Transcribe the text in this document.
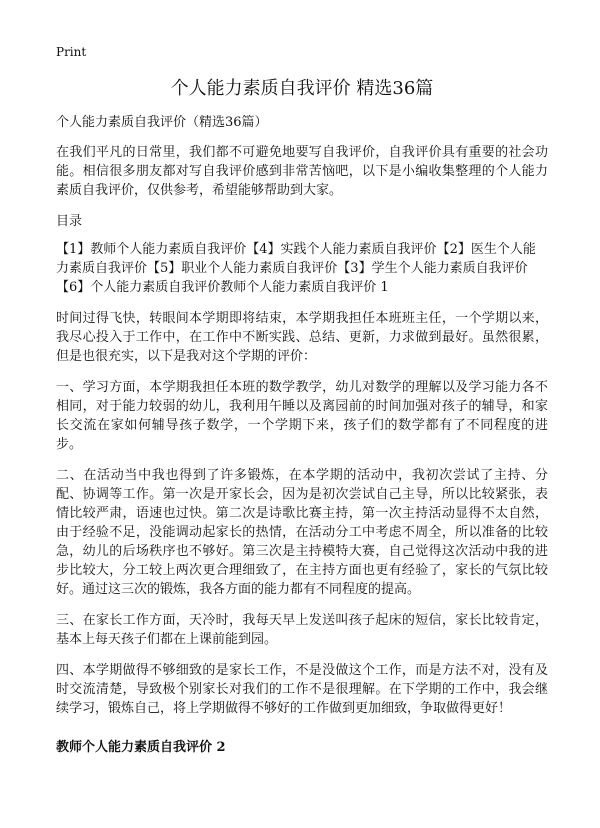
Print
个人能力素质自我评价 精选36篇
个人能力素质自我评价（精选36篇）

在我们平凡的日常里，我们都不可避免地要写自我评价，自我评价具有重要的社会功能。相信很多朋友都对写自我评价感到非常苦恼吧，以下是小编收集整理的个人能力素质自我评价，仅供参考，希望能够帮助到大家。

目录

【1】教师个人能力素质自我评价【4】实践个人能力素质自我评价【2】医生个人能力素质自我评价【5】职业个人能力素质自我评价【3】学生个人能力素质自我评价【6】个人能力素质自我评价教师个人能力素质自我评价 1

时间过得飞快，转眼间本学期即将结束，本学期我担任本班班主任，一个学期以来，我尽心投入于工作中，在工作中不断实践、总结、更新，力求做到最好。虽然很累，但是也很充实，以下是我对这个学期的评价：

一、学习方面，本学期我担任本班的数学教学，幼儿对数学的理解以及学习能力各不相同，对于能力较弱的幼儿，我利用午睡以及离园前的时间加强对孩子的辅导，和家长交流在家如何辅导孩子数学，一个学期下来，孩子们的数学都有了不同程度的进步。

二、在活动当中我也得到了许多锻炼，在本学期的活动中，我初次尝试了主持、分配、协调等工作。第一次是开家长会，因为是初次尝试自己主导，所以比较紧张，表情比较严肃，语速也过快。第二次是诗歌比赛主持，第一次主持活动显得不太自然，由于经验不足，没能调动起家长的热情，在活动分工中考虑不周全，所以准备的比较急，幼儿的后场秩序也不够好。第三次是主持模特大赛，自己觉得这次活动中我的进步比较大，分工较上两次更合理细致了，在主持方面也更有经验了，家长的气氛比较好。通过这三次的锻炼，我各方面的能力都有不同程度的提高。

三、在家长工作方面，天冷时，我每天早上发送叫孩子起床的短信，家长比较肯定，基本上每天孩子们都在上课前能到园。

四、本学期做得不够细致的是家长工作，不是没做这个工作，而是方法不对，没有及时交流清楚，导致极个别家长对我们的工作不是很理解。在下学期的工作中，我会继续学习，锻炼自己，将上学期做得不够好的工作做到更加细致，争取做得更好！

教师个人能力素质自我评价 2
